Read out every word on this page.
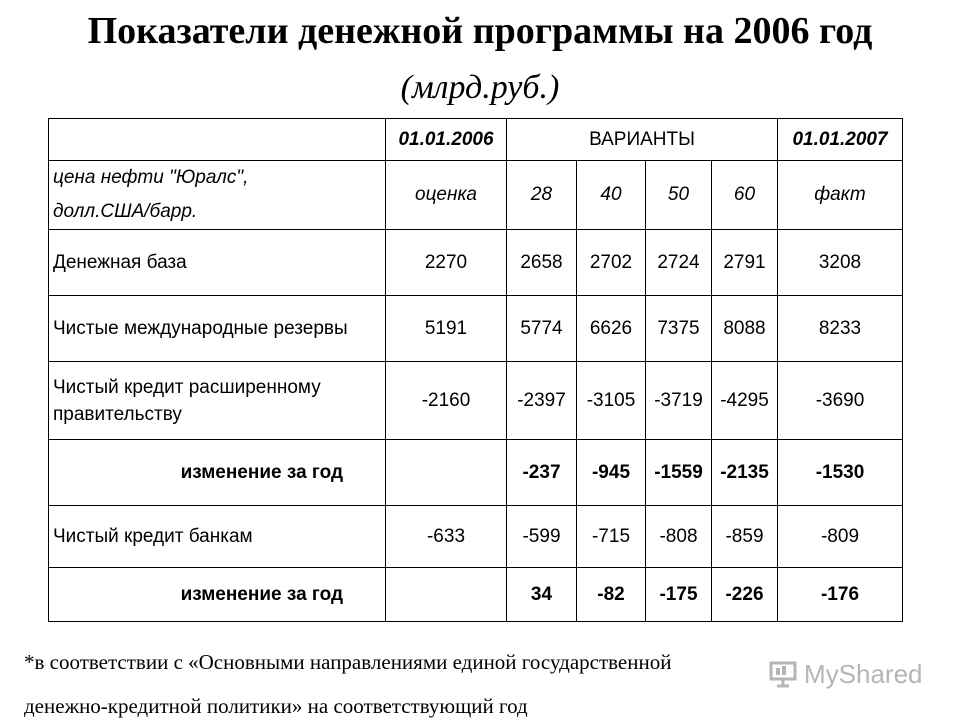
Показатели денежной программы на 2006 год
(млрд.руб.)
	01.01.2006	ВАРИАНТЫ				01.01.2007
цена нефти "Юралс",
долл.США/барр.	оценка	28	40	50	60	факт
Денежная база	2270	2658	2702	2724	2791	3208
Чистые международные резервы	5191	5774	6626	7375	8088	8233
Чистый кредит расширенному правительству	-2160	-2397	-3105	-3719	-4295	-3690
изменение за год		-237	-945	-1559	-2135	-1530
Чистый кредит банкам	-633	-599	-715	-808	-859	-809
изменение за год		34	-82	-175	-226	-176
*в соответствии с «Основными направлениями единой государственной
денежно-кредитной политики» на соответствующий год
MyShared
